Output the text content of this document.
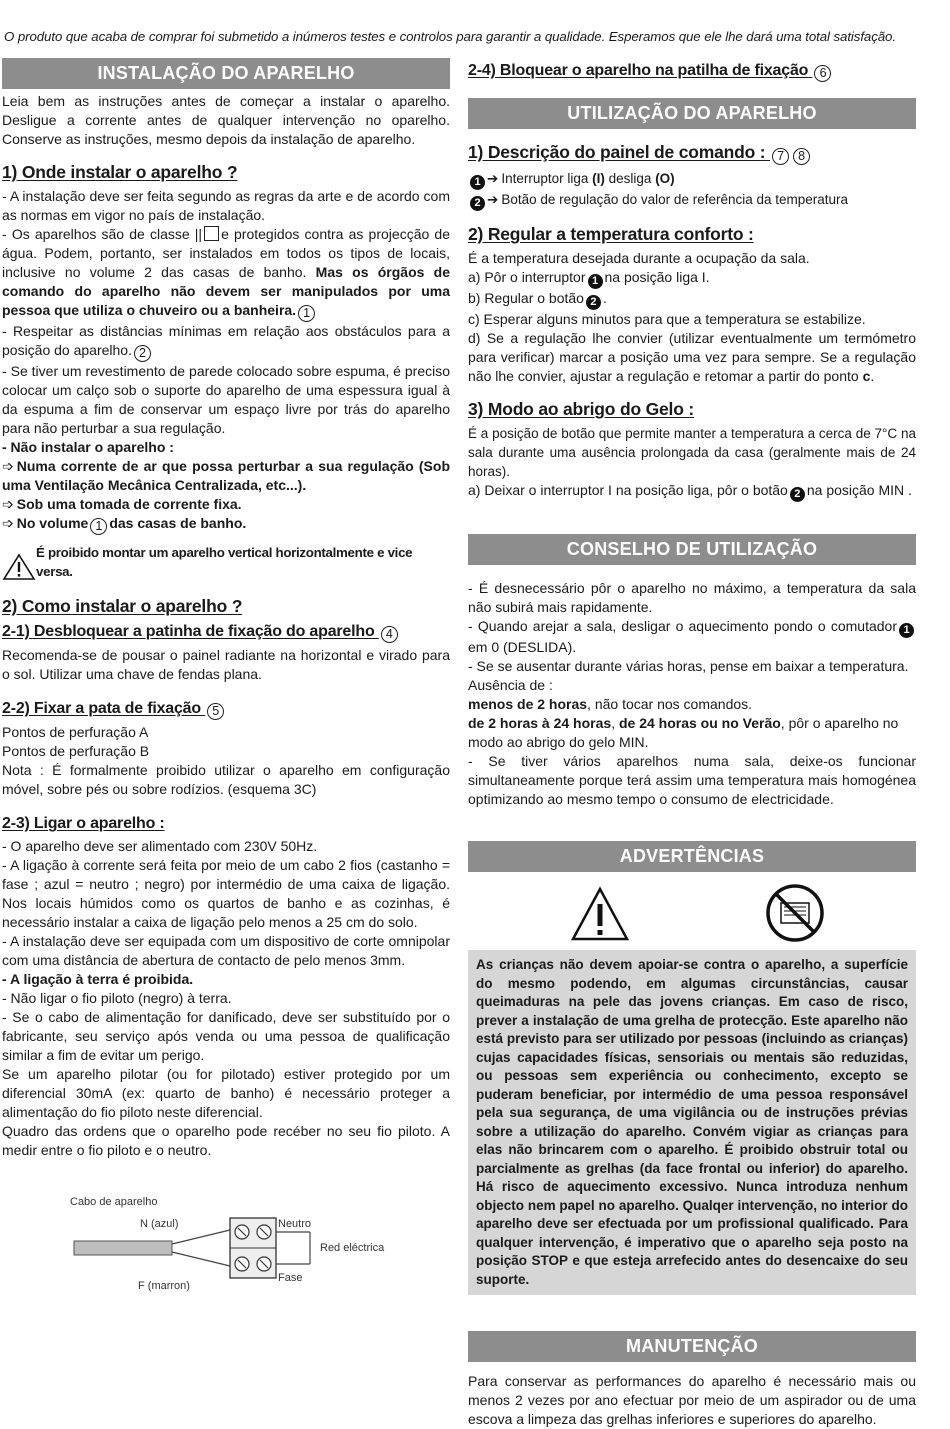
O produto que acaba de comprar foi submetido a inúmeros testes e controlos para garantir a qualidade. Esperamos que ele lhe dará uma total satisfação.
INSTALAÇÃO DO APARELHO

Leia bem as instruções antes de começar a instalar o aparelho. Desligue a corrente antes de qualquer intervenção no oparelho. Conserve as instruções, mesmo depois da instalação de aparelho.

1) Onde instalar o aparelho ?

- A instalação deve ser feita segundo as regras da arte e de acordo com as normas em vigor no país de instalação.

- Os aparelhos são de classe || e protegidos contra as projecção de água. Podem, portanto, ser instalados em todos os tipos de locais, inclusive no volume 2 das casas de banho. Mas os órgãos de comando do aparelho não devem ser manipulados por uma pessoa que utiliza o chuveiro ou a banheira. 1

- Respeitar as distâncias mínimas em relação aos obstáculos para a posição do aparelho. 2

- Se tiver um revestimento de parede colocado sobre espuma, é preciso colocar um calço sob o suporte do aparelho de uma espessura igual à da espuma a fim de conservar um espaço livre por trás do aparelho para não perturbar a sua regulação.

- Não instalar o aparelho :

➩ Numa corrente de ar que possa perturbar a sua regulação (Sob uma Ventilação Mecânica Centralizada, etc...).

➩ Sob uma tomada de corrente fixa.

➩ No volume 1 das casas de banho.

É proibido montar um aparelho vertical horizontalmente e vice versa.
2) Como instalar o aparelho ?
2-1) Desbloquear a patinha de fixação do aparelho 4

Recomenda-se de pousar o painel radiante na horizontal e virado para o sol. Utilizar uma chave de fendas plana.

2-2) Fixar a pata de fixação 5

Pontos de perfuração A

Pontos de perfuração B

Nota : É formalmente proibido utilizar o aparelho em configuração móvel, sobre pés ou sobre rodízios. (esquema 3C)

2-3) Ligar o aparelho :

- O aparelho deve ser alimentado com 230V 50Hz.

- A ligação à corrente será feita por meio de um cabo 2 fios (castanho = fase ; azul = neutro ; negro) por intermédio de uma caixa de ligação. Nos locais húmidos como os quartos de banho e as cozinhas, é necessário instalar a caixa de ligação pelo menos a 25 cm do solo.

- A instalação deve ser equipada com um dispositivo de corte omnipolar com uma distância de abertura de contacto de pelo menos 3mm.

- A ligação à terra é proibida.

- Não ligar o fio piloto (negro) à terra.

- Se o cabo de alimentação for danificado, deve ser substituído por o fabricante, seu serviço após venda ou uma pessoa de qualificação similar a fim de evitar um perigo.

Se um aparelho pilotar (ou for pilotado) estiver protegido por um diferencial 30mA (ex: quarto de banho) é necessário proteger a alimentação do fio piloto neste diferencial.

Quadro das ordens que o oparelho pode recéber no seu fio piloto. A medir entre o fio piloto e o neutro.

Cabo de aparelho
N (azul)
F (marron)
Neutro
Fase
Red eléctrica
2-4) Bloquear o aparelho na patilha de fixação 6
UTILIZAÇÃO DO APARELHO
1) Descrição do painel de comando : 7 8

1 ➔ Interruptor liga (I) desliga (O)

2 ➔ Botão de regulação do valor de referência da temperatura

2) Regular a temperatura conforto :

É a temperatura desejada durante a ocupação da sala.

a) Pôr o interruptor 1 na posição liga I.

b) Regular o botão 2 .

c) Esperar alguns minutos para que a temperatura se estabilize.

d) Se a regulação lhe convier (utilizar eventualmente um termómetro para verificar) marcar a posição uma vez para sempre. Se a regulação não lhe convier, ajustar a regulação e retomar a partir do ponto c.

3) Modo ao abrigo do Gelo :

É a posição de botão que permite manter a temperatura a cerca de 7°C na sala durante uma ausência prolongada da casa (geralmente mais de 24 horas).

a) Deixar o interruptor I na posição liga, pôr o botão 2 na posição MIN .

CONSELHO DE UTILIZAÇÃO

- É desnecessário pôr o aparelho no máximo, a temperatura da sala não subirá mais rapidamente.

- Quando arejar a sala, desligar o aquecimento pondo o comutador 1em 0 (DESLIDA).

- Se se ausentar durante várias horas, pense em baixar a temperatura. Ausência de :

menos de 2 horas, não tocar nos comandos.

de 2 horas à 24 horas, de 24 horas ou no Verão, pôr o aparelho no modo ao abrigo do gelo MIN.

- Se tiver vários aparelhos numa sala, deixe-os funcionar simultaneamente porque terá assim uma temperatura mais homogénea optimizando ao mesmo tempo o consumo de electricidade.

ADVERTÊNCIAS
As crianças não devem apoiar-se contra o aparelho, a superfície do mesmo podendo, em algumas circunstâncias, causar queimaduras na pele das jovens crianças. Em caso de risco, prever a instalação de uma grelha de protecção. Este aparelho não está previsto para ser utilizado por pessoas (incluindo as crianças) cujas capacidades físicas, sensoriais ou mentais são reduzidas, ou pessoas sem experiência ou conhecimento, excepto se puderam beneficiar, por intermédio de uma pessoa responsável pela sua segurança, de uma vigilância ou de instruções prévias sobre a utilização do aparelho. Convém vigiar as crianças para elas não brincarem com o aparelho. É proibido obstruir total ou parcialmente as grelhas (da face frontal ou inferior) do aparelho. Há risco de aquecimento excessivo. Nunca introduza nenhum objecto nem papel no aparelho. Qualqer intervenção, no interior do aparelho deve ser efectuada por um profissional qualificado. Para qualquer intervenção, é imperativo que o aparelho seja posto na posição STOP e que esteja arrefecido antes do desencaixe do seu suporte.
MANUTENÇÃO

Para conservar as performances do aparelho é necessário mais ou menos 2 vezes por ano efectuar por meio de um aspirador ou de uma escova a limpeza das grelhas inferiores e superiores do aparelho.
